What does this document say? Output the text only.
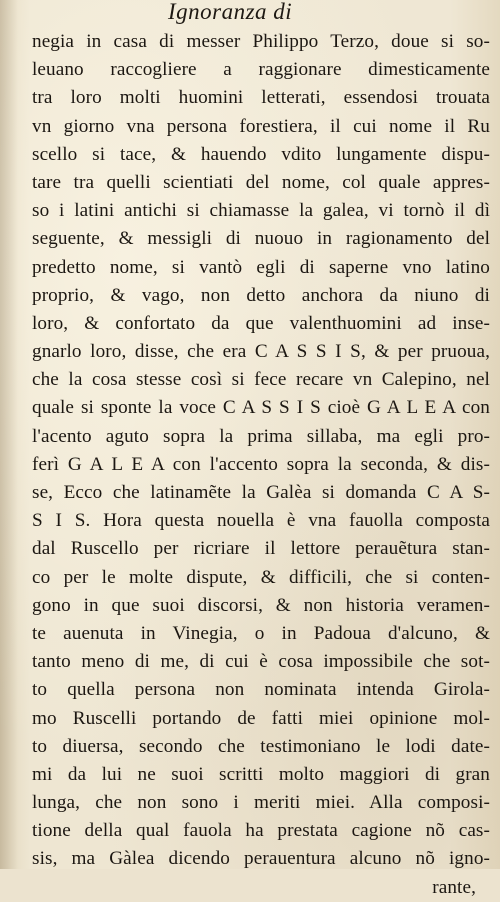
Ignoranza di
negia in casa di messer Philippo Terzo, doue si so-
leuano raccogliere a raggionare dimesticamente
tra loro molti huomini letterati, essendosi trouata
vn giorno vna persona forestiera, il cui nome il Ru
scello si tace, & hauendo vdito lungamente dispu-
tare tra quelli scientiati del nome, col quale appres-
so i latini antichi si chiamasse la galea, vi tornò il dì
seguente, & messigli di nuouo in ragionamento del
predetto nome, si vantò egli di saperne vno latino
proprio, & vago, non detto anchora da niuno di
loro, & confortato da que valenthuomini ad inse-
gnarlo loro, disse, che era C A S S I S, & per pruoua,
che la cosa stesse così si fece recare vn Calepino, nel
quale si sponte la voce C A S S I S cioè G A L E A con
l'acento aguto sopra la prima sillaba, ma egli pro-
ferì G A L E A con l'accento sopra la seconda, & dis-
se, Ecco che latinamẽte la Galèa si domanda C A S-
S I S. Hora questa nouella è vna fauolla composta
dal Ruscello per ricriare il lettore perauẽtura stan-
co per le molte dispute, & difficili, che si conten-
gono in que suoi discorsi, & non historia veramen-
te auenuta in Vinegia, o in Padoua d'alcuno, &
tanto meno di me, di cui è cosa impossibile che sot-
to quella persona non nominata intenda Girola-
mo Ruscelli portando de fatti miei opinione mol-
to diuersa, secondo che testimoniano le lodi date-
mi da lui ne suoi scritti molto maggiori di gran
lunga, che non sono i meriti miei. Alla composi-
tione della qual fauola ha prestata cagione nõ cas-
sis, ma Gàlea dicendo perauentura alcuno nõ igno-
rante,
